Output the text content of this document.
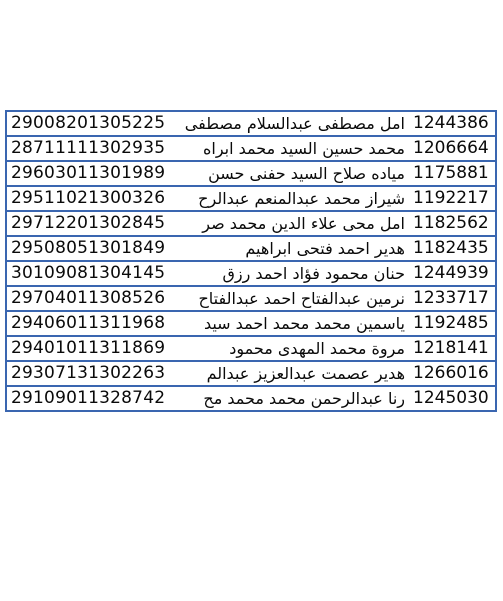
29008201305225	امل مصطفى عبدالسلام مصطفى	1244386
28711111302935	محمد حسين السيد محمد ابراه	1206664
29603011301989	مياده صلاح السيد حفنى حسن	1175881
29511021300326	شيراز محمد عبدالمنعم عبدالرح	1192217
29712201302845	امل محى علاء الدين محمد صر	1182562
29508051301849	هدير احمد فتحى ابراهيم	1182435
30109081304145	حنان محمود فؤاد احمد رزق	1244939
29704011308526	نرمين عبدالفتاح احمد عبدالفتاح	1233717
29406011311968	ياسمين محمد محمد احمد سيد	1192485
29401011311869	مروة محمد المهدى محمود	1218141
29307131302263	هدير عصمت عبدالعزيز عبدالم	1266016
29109011328742	رنا عبدالرحمن محمد محمد مح	1245030
